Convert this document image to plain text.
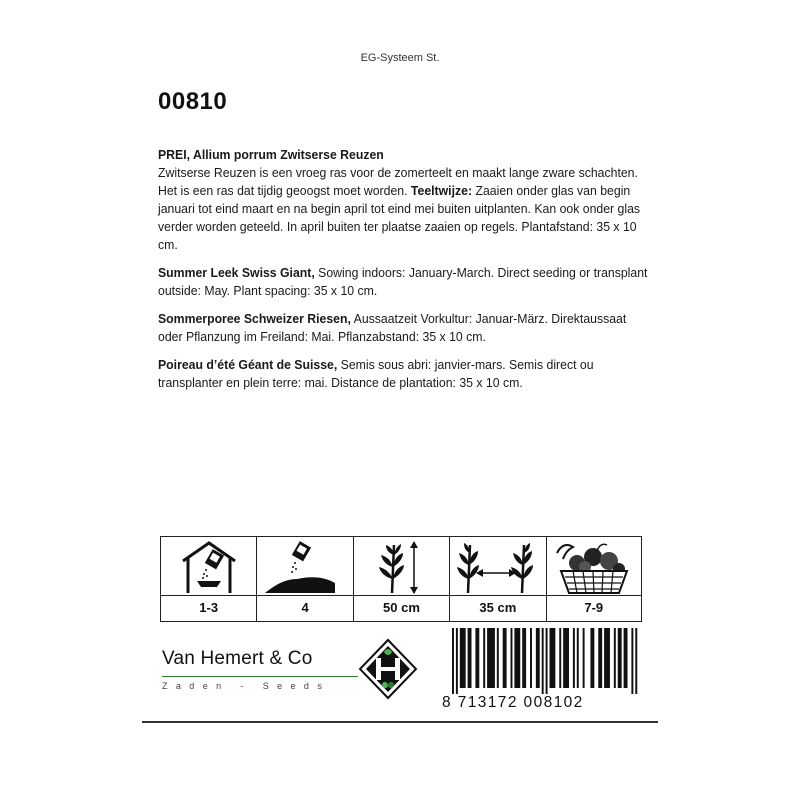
EG-Systeem St.
00810

PREI, Allium porrum Zwitserse Reuzen

Zwitserse Reuzen is een vroeg ras voor de zomerteelt en maakt lange zware schachten. Het is een ras dat tijdig geoogst moet worden. Teeltwijze: Zaaien onder glas van begin januari tot eind maart en na begin april tot eind mei buiten uitplanten. Kan ook onder glas verder worden geteeld. In april buiten ter plaatse zaaien op regels. Plantafstand: 35 x 10 cm.

Summer Leek Swiss Giant, Sowing indoors: January-March. Direct seeding or transplant outside: May. Plant spacing: 35 x 10 cm.

Sommerporee Schweizer Riesen, Aussaatzeit Vorkultur: Januar-März. Direktaussaat oder Pflanzung im Freiland: Mai. Pflanzabstand: 35 x 10 cm.

Poireau d’été Géant de Suisse, Semis sous abri: janvier-mars. Semis direct ou transplanter en plein terre: mai. Distance de plantation: 35 x 10 cm.

1-3	4	50 cm	35 cm	7-9
Van Hemert & Co
Zaden - Seeds
8 713172 008102
